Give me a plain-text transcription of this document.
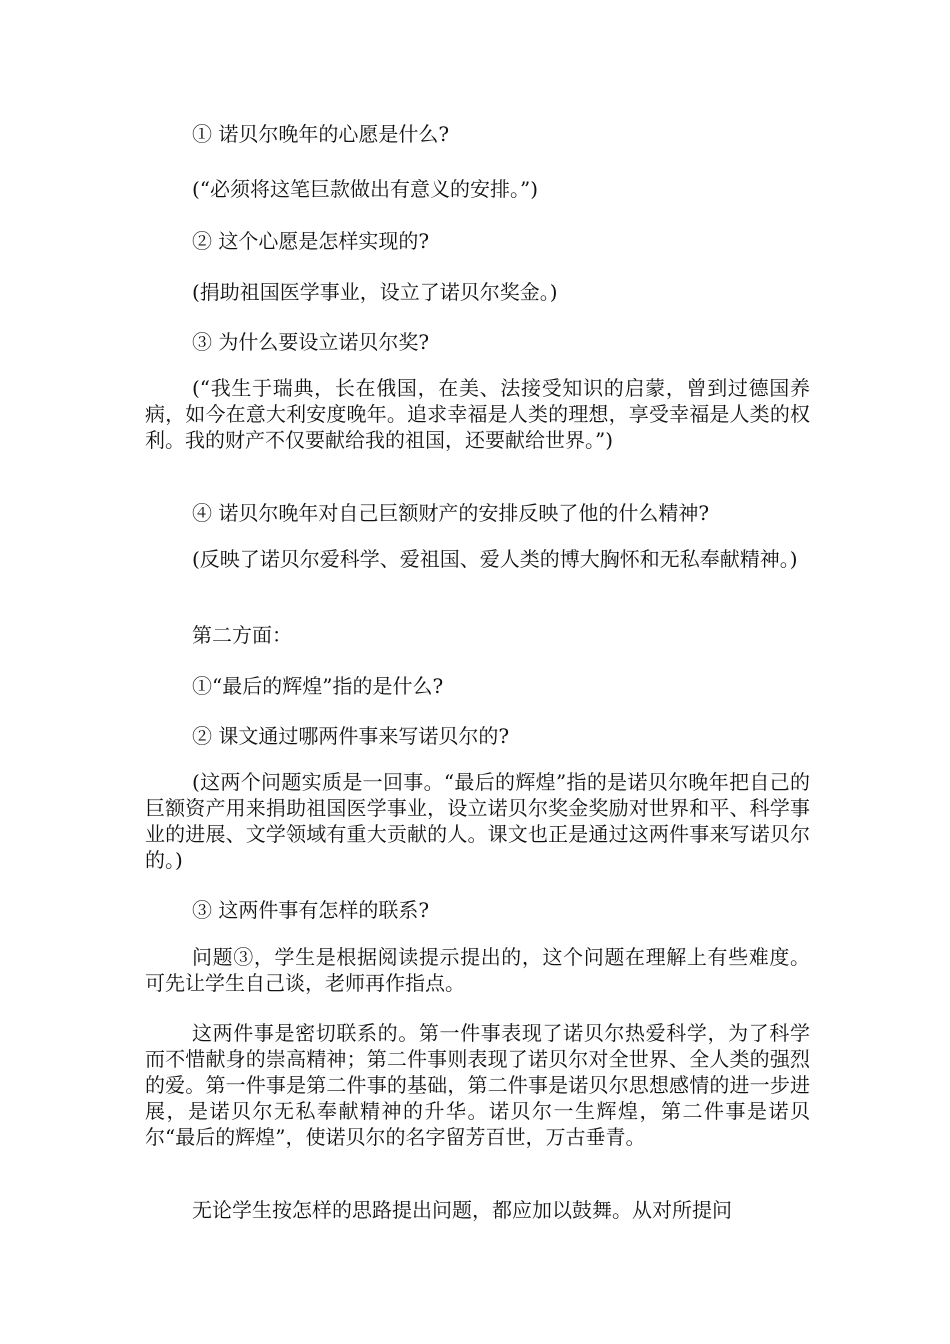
① 诺贝尔晚年的心愿是什么?

(“必须将这笔巨款做出有意义的安排。”)

② 这个心愿是怎样实现的?

(捐助祖国医学事业，设立了诺贝尔奖金。)

③ 为什么要设立诺贝尔奖?

(“我生于瑞典，长在俄国，在美、法接受知识的启蒙，曾到过德国养病，如今在意大利安度晚年。追求幸福是人类的理想，享受幸福是人类的权利。我的财产不仅要献给我的祖国，还要献给世界。”)

④ 诺贝尔晚年对自己巨额财产的安排反映了他的什么精神?

(反映了诺贝尔爱科学、爱祖国、爱人类的博大胸怀和无私奉献精神。)

第二方面：

①“最后的辉煌”指的是什么?

② 课文通过哪两件事来写诺贝尔的?

(这两个问题实质是一回事。“最后的辉煌”指的是诺贝尔晚年把自己的巨额资产用来捐助祖国医学事业，设立诺贝尔奖金奖励对世界和平、科学事业的进展、文学领域有重大贡献的人。课文也正是通过这两件事来写诺贝尔的。)

③ 这两件事有怎样的联系?

问题③，学生是根据阅读提示提出的，这个问题在理解上有些难度。可先让学生自己谈，老师再作指点。

这两件事是密切联系的。第一件事表现了诺贝尔热爱科学，为了科学而不惜献身的崇高精神；第二件事则表现了诺贝尔对全世界、全人类的强烈的爱。第一件事是第二件事的基础，第二件事是诺贝尔思想感情的进一步进展，是诺贝尔无私奉献精神的升华。诺贝尔一生辉煌，第二件事是诺贝尔“最后的辉煌”，使诺贝尔的名字留芳百世，万古垂青。

无论学生按怎样的思路提出问题，都应加以鼓舞。从对所提问
